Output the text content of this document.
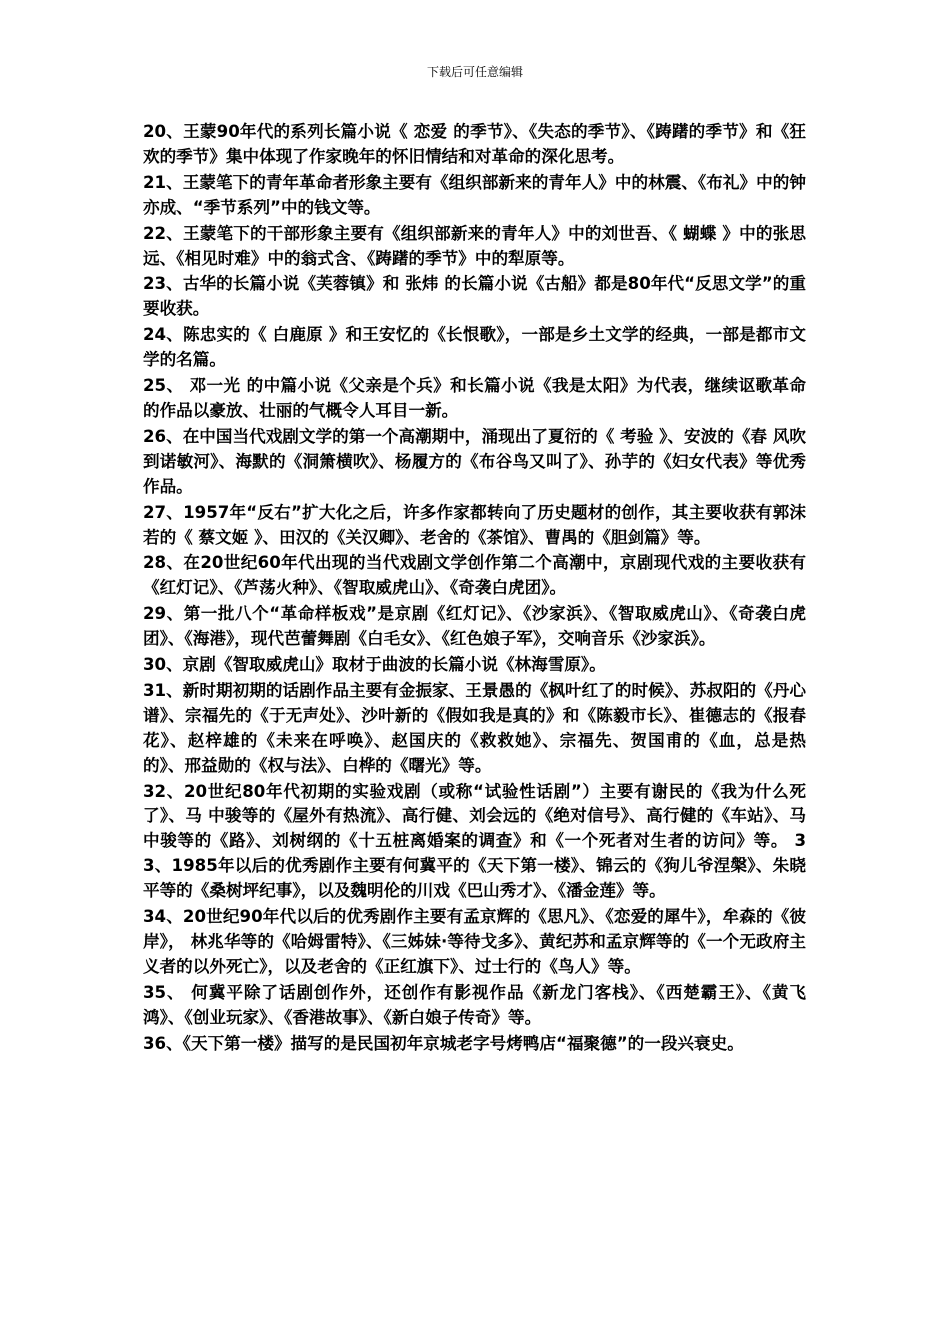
下载后可任意编辑

20、王蒙90年代的系列长篇小说《 恋爱 的季节》、《失态的季节》、《踌躇的季节》和《狂欢的季节》集中体现了作家晚年的怀旧情结和对革命的深化思考。

21、王蒙笔下的青年革命者形象主要有《组织部新来的青年人》中的林震、《布礼》中的钟亦成、“季节系列”中的钱文等。

22、王蒙笔下的干部形象主要有《组织部新来的青年人》中的刘世吾、《 蝴蝶 》中的张思远、《相见时难》中的翁式含、《踌躇的季节》中的犁原等。

23、古华的长篇小说《芙蓉镇》和 张炜 的长篇小说《古船》都是80年代“反思文学”的重要收获。

24、陈忠实的《 白鹿原 》和王安忆的《长恨歌》，一部是乡土文学的经典，一部是都市文学的名篇。

25、 邓一光 的中篇小说《父亲是个兵》和长篇小说《我是太阳》为代表，继续讴歌革命的作品以豪放、壮丽的气概令人耳目一新。

26、在中国当代戏剧文学的第一个高潮期中，涌现出了夏衍的《 考验 》、安波的《春 风吹到诺敏河》、海默的《洞箫横吹》、杨履方的《布谷鸟又叫了》、孙芋的《妇女代表》等优秀作品。

27、1957年“反右”扩大化之后，许多作家都转向了历史题材的创作，其主要收获有郭沫若的《 蔡文姬 》、田汉的《关汉卿》、老舍的《茶馆》、曹禺的《胆剑篇》等。

28、在20世纪60年代出现的当代戏剧文学创作第二个高潮中，京剧现代戏的主要收获有《红灯记》、《芦荡火种》、《智取威虎山》、《奇袭白虎团》。

29、第一批八个“革命样板戏”是京剧《红灯记》、《沙家浜》、《智取威虎山》、《奇袭白虎团》、《海港》，现代芭蕾舞剧《白毛女》、《红色娘子军》，交响音乐《沙家浜》。

30、京剧《智取威虎山》取材于曲波的长篇小说《林海雪原》。

31、新时期初期的话剧作品主要有金振家、王景愚的《枫叶红了的时候》、苏叔阳的《丹心谱》、宗福先的《于无声处》、沙叶新的《假如我是真的》和《陈毅市长》、崔德志的《报春花》、赵梓雄的《未来在呼唤》、赵国庆的《救救她》、宗福先、贺国甫的《血，总是热的》、邢益勋的《权与法》、白桦的《曙光》等。

32、20世纪80年代初期的实验戏剧（或称“试验性话剧”）主要有谢民的《我为什么死了》、马 中骏等的《屋外有热流》、高行健、刘会远的《绝对信号》、高行健的《车站》、马中骏等的《路》、刘树纲的《十五桩离婚案的调查》和《一个死者对生者的访问》等。 33、1985年以后的优秀剧作主要有何冀平的《天下第一楼》、锦云的《狗儿爷涅槃》、朱晓平等的《桑树坪纪事》，以及魏明伦的川戏《巴山秀才》、《潘金莲》等。

34、20世纪90年代以后的优秀剧作主要有孟京辉的《思凡》、《恋爱的犀牛》，牟森的《彼岸》， 林兆华等的《哈姆雷特》、《三姊妹·等待戈多》、黄纪苏和孟京辉等的《一个无政府主义者的以外死亡》，以及老舍的《正红旗下》、过士行的《鸟人》等。

35、 何冀平除了话剧创作外，还创作有影视作品《新龙门客栈》、《西楚霸王》、《黄飞鸿》、《创业玩家》、《香港故事》、《新白娘子传奇》等。

36、《天下第一楼》描写的是民国初年京城老字号烤鸭店“福聚德”的一段兴衰史。
